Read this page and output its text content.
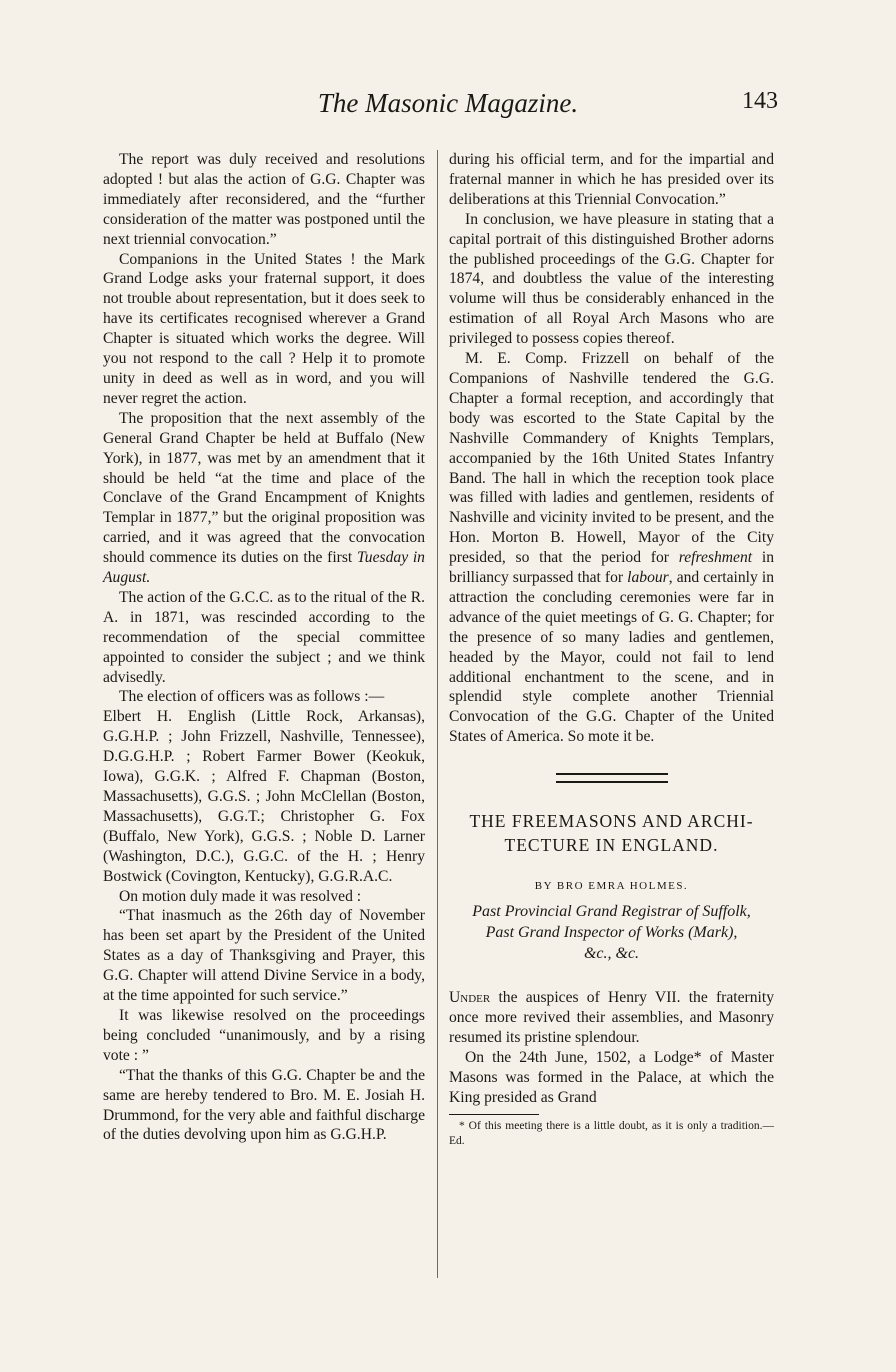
The Masonic Magazine.	143

The report was duly received and resolutions adopted ! but alas the action of G.G. Chapter was immediately after reconsidered, and the “further consideration of the matter was postponed until the next triennial convocation.”

Companions in the United States ! the Mark Grand Lodge asks your fraternal support, it does not trouble about representation, but it does seek to have its certificates recognised wherever a Grand Chapter is situated which works the degree. Will you not respond to the call ? Help it to promote unity in deed as well as in word, and you will never regret the action.

The proposition that the next assembly of the General Grand Chapter be held at Buffalo (New York), in 1877, was met by an amendment that it should be held “at the time and place of the Conclave of the Grand Encampment of Knights Templar in 1877,” but the original proposition was carried, and it was agreed that the convocation should commence its duties on the first Tuesday in August.

The action of the G.C.C. as to the ritual of the R. A. in 1871, was rescinded according to the recommendation of the special committee appointed to consider the subject ; and we think advisedly.

The election of officers was as follows :—

Elbert H. English (Little Rock, Arkansas), G.G.H.P. ; John Frizzell, Nashville, Tennessee), D.G.G.H.P. ; Robert Farmer Bower (Keokuk, Iowa), G.G.K. ; Alfred F. Chapman (Boston, Massachusetts), G.G.S. ; John McClellan (Boston, Massachusetts), G.G.T.; Christopher G. Fox (Buffalo, New York), G.G.S. ; Noble D. Larner (Washington, D.C.), G.G.C. of the H. ; Henry Bostwick (Covington, Kentucky), G.G.R.A.C.

On motion duly made it was resolved :

“That inasmuch as the 26th day of November has been set apart by the President of the United States as a day of Thanksgiving and Prayer, this G.G. Chapter will attend Divine Service in a body, at the time appointed for such service.”

It was likewise resolved on the proceedings being concluded “unanimously, and by a rising vote : ”

“That the thanks of this G.G. Chapter be and the same are hereby tendered to Bro. M. E. Josiah H. Drummond, for the very able and faithful discharge of the duties devolving upon him as G.G.H.P.

during his official term, and for the impartial and fraternal manner in which he has presided over its deliberations at this Triennial Convocation.”

In conclusion, we have pleasure in stating that a capital portrait of this distinguished Brother adorns the published proceedings of the G.G. Chapter for 1874, and doubtless the value of the interesting volume will thus be considerably enhanced in the estimation of all Royal Arch Masons who are privileged to possess copies thereof.

M. E. Comp. Frizzell on behalf of the Companions of Nashville tendered the G.G. Chapter a formal reception, and accordingly that body was escorted to the State Capital by the Nashville Commandery of Knights Templars, accompanied by the 16th United States Infantry Band. The hall in which the reception took place was filled with ladies and gentlemen, residents of Nashville and vicinity invited to be present, and the Hon. Morton B. Howell, Mayor of the City presided, so that the period for refreshment in brilliancy surpassed that for labour, and certainly in attraction the concluding ceremonies were far in advance of the quiet meetings of G. G. Chapter; for the presence of so many ladies and gentlemen, headed by the Mayor, could not fail to lend additional enchantment to the scene, and in splendid style complete another Triennial Convocation of the G.G. Chapter of the United States of America. So mote it be.

THE FREEMASONS AND ARCHI-
TECTURE IN ENGLAND.
BY BRO EMRA HOLMES.
Past Provincial Grand Registrar of Suffolk,
Past Grand Inspector of Works (Mark),
&c., &c.

Under the auspices of Henry VII. the fraternity once more revived their assemblies, and Masonry resumed its pristine splendour.

On the 24th June, 1502, a Lodge* of Master Masons was formed in the Palace, at which the King presided as Grand

* Of this meeting there is a little doubt, as it is only a tradition.—Ed.
